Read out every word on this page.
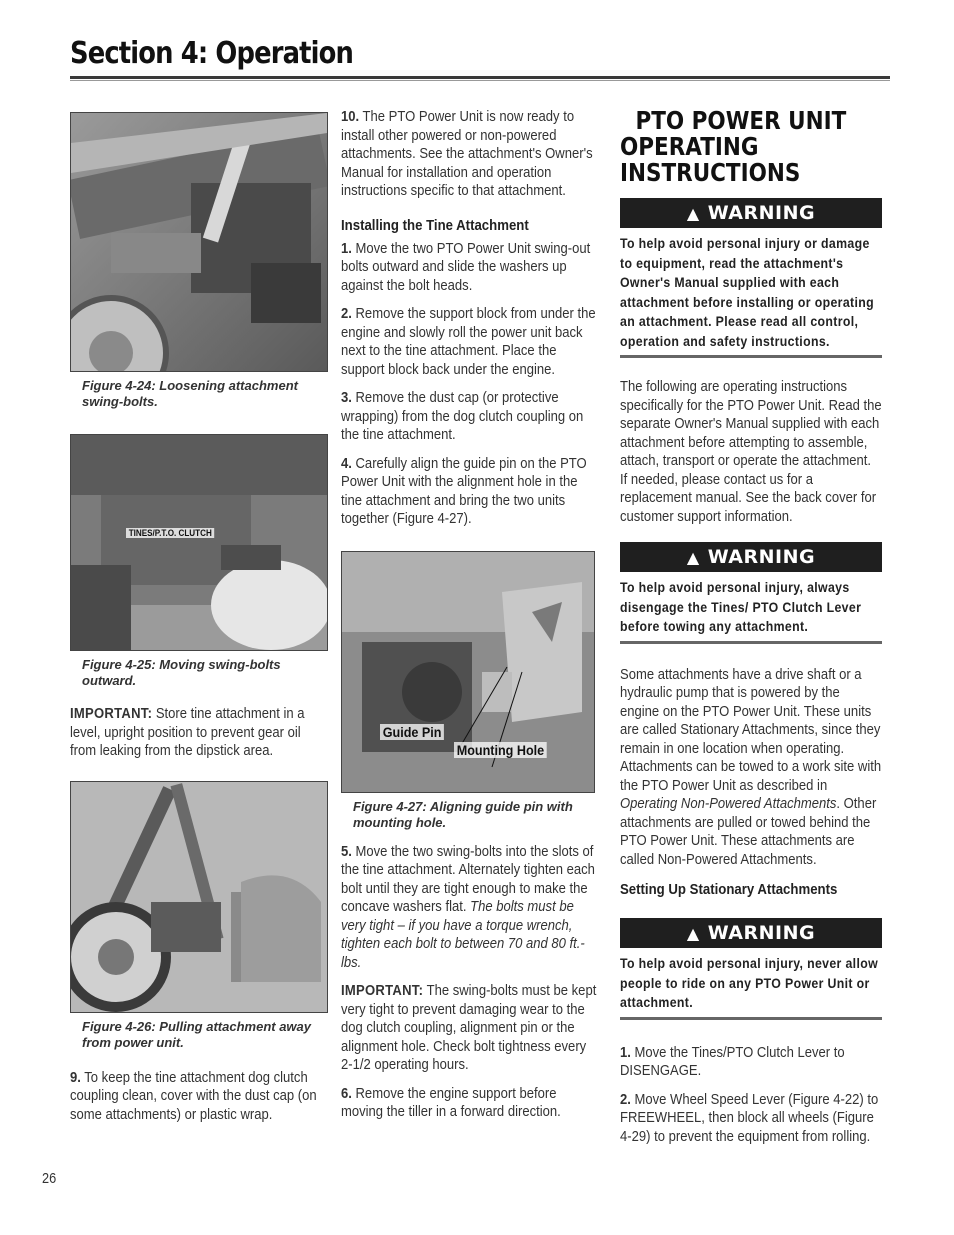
Section 4: Operation
Figure 4-24: Loosening attachment swing-bolts.
TINES/P.T.O. CLUTCH
Figure 4-25: Moving swing-bolts outward.

IMPORTANT: Store tine attachment in a level, upright position to prevent gear oil from leaking from the dipstick area.

Figure 4-26: Pulling attachment away from power unit.

9. To keep the tine attachment dog clutch coupling clean, cover with the dust cap (on some attachments) or plastic wrap.

10. The PTO Power Unit is now ready to install other powered or non-powered attachments. See the attachment's Owner's Manual for installation and operation instructions specific to that attachment.

Installing the Tine Attachment

1. Move the two PTO Power Unit swing-out bolts outward and slide the washers up against the bolt heads.

2. Remove the support block from under the engine and slowly roll the power unit back next to the tine attachment. Place the support block back under the engine.

3. Remove the dust cap (or protective wrapping) from the dog clutch coupling on the tine attachment.

4. Carefully align the guide pin on the PTO Power Unit with the alignment hole in the tine attachment and bring the two units together (Figure 4-27).

Guide Pin
Mounting Hole
Figure 4-27: Aligning guide pin with mounting hole.

5. Move the two swing-bolts into the slots of the tine attachment. Alternately tighten each bolt until they are tight enough to make the concave washers flat. The bolts must be very tight – if you have a torque wrench, tighten each bolt to between 70 and 80 ft.-lbs.

IMPORTANT: The swing-bolts must be kept very tight to prevent damaging wear to the dog clutch coupling, alignment pin or the alignment hole. Check bolt tightness every 2-1/2 operating hours.

6. Remove the engine support before moving the tiller in a forward direction.

PTO POWER UNIT
OPERATING INSTRUCTIONS
▲ WARNING
To help avoid personal injury or damage to equipment, read the attachment's Owner's Manual supplied with each attachment before installing or operating an attachment. Please read all control, operation and safety instructions.

The following are operating instructions specifically for the PTO Power Unit. Read the separate Owner's Manual supplied with each attachment before attempting to assemble, attach, transport or operate the attachment. If needed, please contact us for a replacement manual. See the back cover for customer support information.

▲ WARNING
To help avoid personal injury, always disengage the Tines/ PTO Clutch Lever before towing any attachment.

Some attachments have a drive shaft or a hydraulic pump that is powered by the engine on the PTO Power Unit. These units are called Stationary Attachments, since they remain in one location when operating. Attachments can be towed to a work site with the PTO Power Unit as described in Operating Non-Powered Attachments. Other attachments are pulled or towed behind the PTO Power Unit. These attachments are called Non-Powered Attachments.

Setting Up Stationary Attachments
▲ WARNING
To help avoid personal injury, never allow people to ride on any PTO Power Unit or attachment.

1. Move the Tines/PTO Clutch Lever to DISENGAGE.

2. Move Wheel Speed Lever (Figure 4-22) to FREEWHEEL, then block all wheels (Figure 4-29) to prevent the equipment from rolling.

26
